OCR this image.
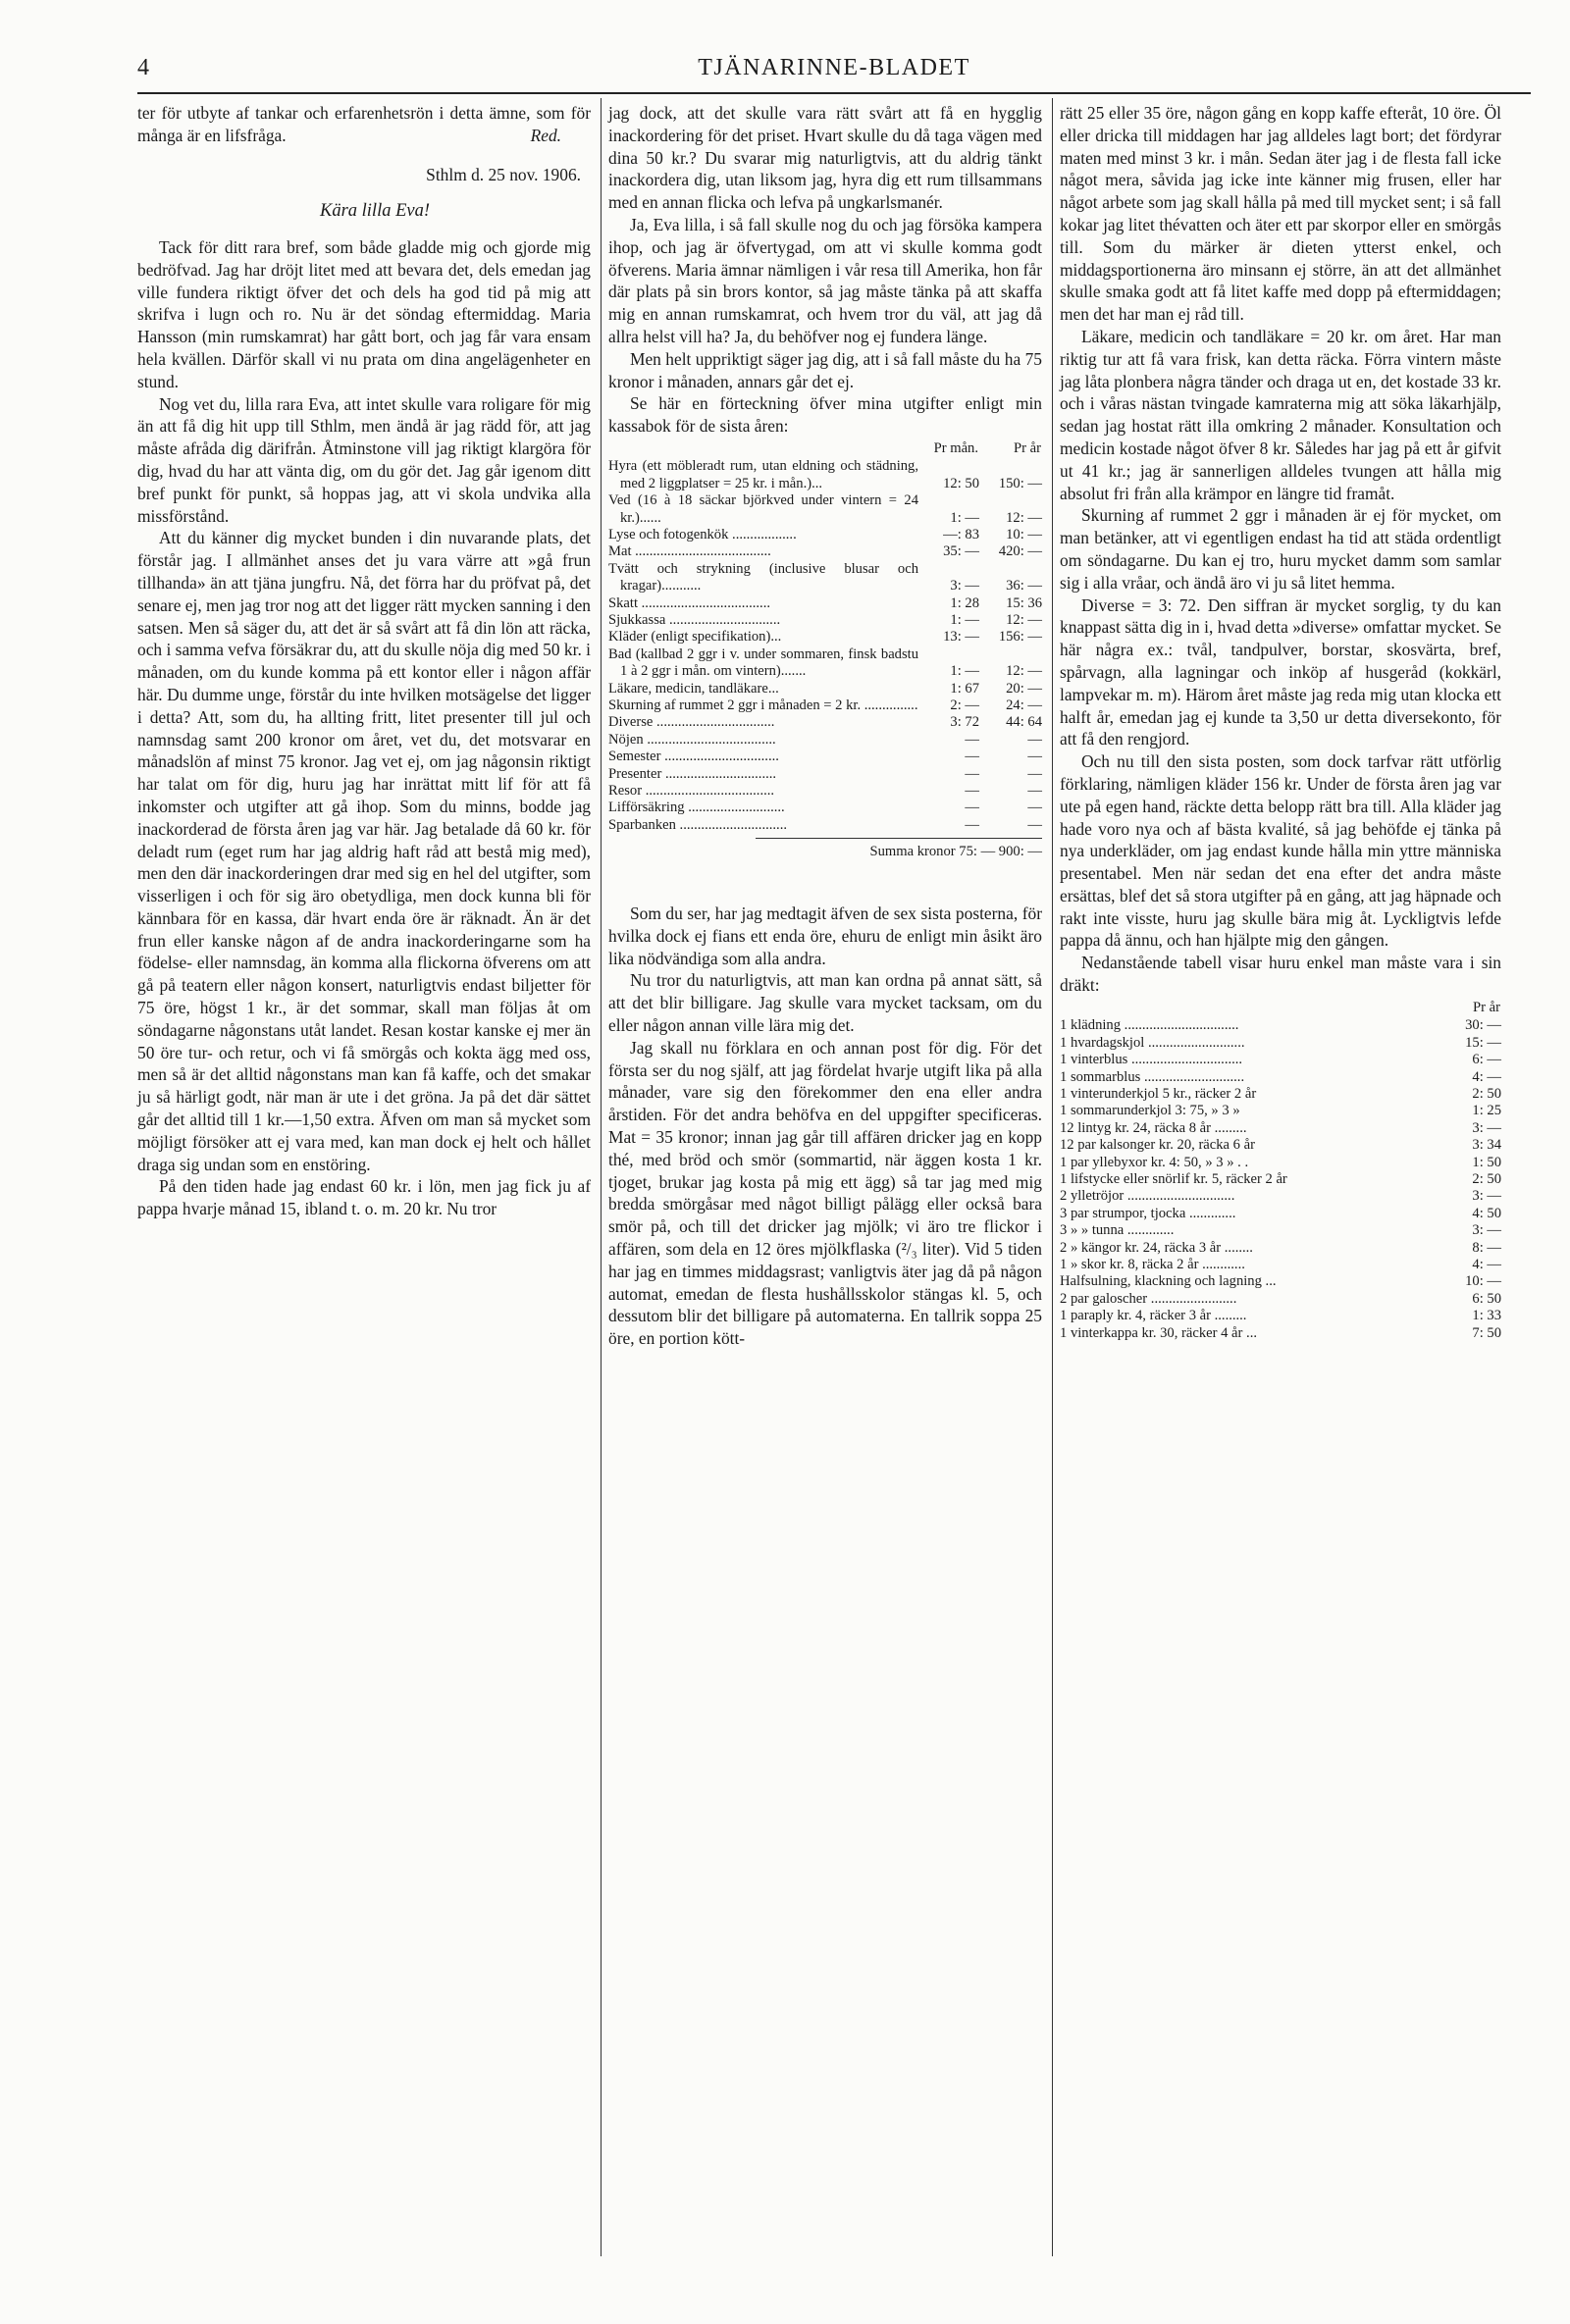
4	TJÄNARINNE-BLADET

ter för utbyte af tankar och erfarenhetsrön i detta ämne, som för många är en lifsfråga.	Red.

Sthlm d. 25 nov. 1906.

Kära lilla Eva!

Tack för ditt rara bref, som både gladde mig och gjorde mig bedröfvad. Jag har dröjt litet med att bevara det, dels emedan jag ville fundera riktigt öfver det och dels ha god tid på mig att skrifva i lugn och ro. Nu är det söndag eftermiddag. Maria Hansson (min rumskamrat) har gått bort, och jag får vara ensam hela kvällen. Därför skall vi nu prata om dina angelägenheter en stund.

Nog vet du, lilla rara Eva, att intet skulle vara roligare för mig än att få dig hit upp till Sthlm, men ändå är jag rädd för, att jag måste afråda dig därifrån. Åtminstone vill jag riktigt klargöra för dig, hvad du har att vänta dig, om du gör det. Jag går igenom ditt bref punkt för punkt, så hoppas jag, att vi skola undvika alla missförstånd.

Att du känner dig mycket bunden i din nuvarande plats, det förstår jag. I allmänhet anses det ju vara värre att »gå frun tillhanda» än att tjäna jungfru. Nå, det förra har du pröfvat på, det senare ej, men jag tror nog att det ligger rätt mycken sanning i den satsen. Men så säger du, att det är så svårt att få din lön att räcka, och i samma vefva försäkrar du, att du skulle nöja dig med 50 kr. i månaden, om du kunde komma på ett kontor eller i någon affär här. Du dumme unge, förstår du inte hvilken motsägelse det ligger i detta? Att, som du, ha allting fritt, litet presenter till jul och namnsdag samt 200 kronor om året, vet du, det motsvarar en månadslön af minst 75 kronor. Jag vet ej, om jag någonsin riktigt har talat om för dig, huru jag har inrättat mitt lif för att få inkomster och utgifter att gå ihop. Som du minns, bodde jag inackorderad de första åren jag var här. Jag betalade då 60 kr. för deladt rum (eget rum har jag aldrig haft råd att bestå mig med), men den där inackorderingen drar med sig en hel del utgifter, som visserligen i och för sig äro obetydliga, men dock kunna bli för kännbara för en kassa, där hvart enda öre är räknadt. Än är det frun eller kanske någon af de andra inackorderingarne som ha födelse- eller namnsdag, än komma alla flickorna öfverens om att gå på teatern eller någon konsert, naturligtvis endast biljetter för 75 öre, högst 1 kr., är det sommar, skall man följas åt om söndagarne någonstans utåt landet. Resan kostar kanske ej mer än 50 öre tur- och retur, och vi få smörgås och kokta ägg med oss, men så är det alltid någonstans man kan få kaffe, och det smakar ju så härligt godt, när man är ute i det gröna. Ja på det där sättet går det alltid till 1 kr.—1,50 extra. Äfven om man så mycket som möjligt försöker att ej vara med, kan man dock ej helt och hållet draga sig undan som en enstöring.

På den tiden hade jag endast 60 kr. i lön, men jag fick ju af pappa hvarje månad 15, ibland t. o. m. 20 kr. Nu tror

jag dock, att det skulle vara rätt svårt att få en hygglig inackordering för det priset. Hvart skulle du då taga vägen med dina 50 kr.? Du svarar mig naturligtvis, att du aldrig tänkt inackordera dig, utan liksom jag, hyra dig ett rum tillsammans med en annan flicka och lefva på ungkarlsmanér.

Ja, Eva lilla, i så fall skulle nog du och jag försöka kampera ihop, och jag är öfvertygad, om att vi skulle komma godt öfverens. Maria ämnar nämligen i vår resa till Amerika, hon får där plats på sin brors kontor, så jag måste tänka på att skaffa mig en annan rumskamrat, och hvem tror du väl, att jag då allra helst vill ha? Ja, du behöfver nog ej fundera länge.

Men helt uppriktigt säger jag dig, att i så fall måste du ha 75 kronor i månaden, annars går det ej.

Se här en förteckning öfver mina utgifter enligt min kassabok för de sista åren:

	Pr mån.	Pr år
Hyra (ett möbleradt rum, utan eldning och städning, med 2 liggplatser = 25 kr. i mån.)...	12: 50	150: —
Ved (16 à 18 säckar björkved under vintern = 24 kr.)......	1: —	12: —
Lyse och fotogenkök ..................	—: 83	10: —
Mat ......................................	35: —	420: —
Tvätt och strykning (inclusive blusar och kragar)...........	3: —	36: —
Skatt ....................................	1: 28	15: 36
Sjukkassa ...............................	1: —	12: —
Kläder (enligt specifikation)...	13: —	156: —
Bad (kallbad 2 ggr i v. under sommaren, finsk badstu 1 à 2 ggr i mån. om vintern).......	1: —	12: —
Läkare, medicin, tandläkare...	1: 67	20: —
Skurning af rummet 2 ggr i månaden = 2 kr. ...............	2: —	24: —
Diverse .................................	3: 72	44: 64
Nöjen ....................................	—	—
Semester ................................	—	—
Presenter ...............................	—	—
Resor ....................................	—	—
Lifförsäkring ...........................	—	—
Sparbanken ..............................	—	—
Summa kronor 75: — 900: —

Som du ser, har jag medtagit äfven de sex sista posterna, för hvilka dock ej fians ett enda öre, ehuru de enligt min åsikt äro lika nödvändiga som alla andra.

Nu tror du naturligtvis, att man kan ordna på annat sätt, så att det blir billigare. Jag skulle vara mycket tacksam, om du eller någon annan ville lära mig det.

Jag skall nu förklara en och annan post för dig. För det första ser du nog själf, att jag fördelat hvarje utgift lika på alla månader, vare sig den förekommer den ena eller andra årstiden. För det andra behöfva en del uppgifter specificeras. Mat = 35 kronor; innan jag går till affären dricker jag en kopp thé, med bröd och smör (sommartid, när äggen kosta 1 kr. tjoget, brukar jag kosta på mig ett ägg) så tar jag med mig bredda smörgåsar med något billigt pålägg eller också bara smör på, och till det dricker jag mjölk; vi äro tre flickor i affären, som dela en 12 öres mjölkflaska (²/₃ liter). Vid 5 tiden har jag en timmes middagsrast; vanligtvis äter jag då på någon automat, emedan de flesta hushållsskolor stängas kl. 5, och dessutom blir det billigare på automaterna. En tallrik soppa 25 öre, en portion kött-

rätt 25 eller 35 öre, någon gång en kopp kaffe efteråt, 10 öre. Öl eller dricka till middagen har jag alldeles lagt bort; det fördyrar maten med minst 3 kr. i mån. Sedan äter jag i de flesta fall icke något mera, såvida jag icke inte känner mig frusen, eller har något arbete som jag skall hålla på med till mycket sent; i så fall kokar jag litet thévatten och äter ett par skorpor eller en smörgås till. Som du märker är dieten ytterst enkel, och middagsportionerna äro minsann ej större, än att det allmänhet skulle smaka godt att få litet kaffe med dopp på eftermiddagen; men det har man ej råd till.

Läkare, medicin och tandläkare = 20 kr. om året. Har man riktig tur att få vara frisk, kan detta räcka. Förra vintern måste jag låta plonbera några tänder och draga ut en, det kostade 33 kr. och i våras nästan tvingade kamraterna mig att söka läkarhjälp, sedan jag hostat rätt illa omkring 2 månader. Konsultation och medicin kostade något öfver 8 kr. Således har jag på ett år gifvit ut 41 kr.; jag är sannerligen alldeles tvungen att hålla mig absolut fri från alla krämpor en längre tid framåt.

Skurning af rummet 2 ggr i månaden är ej för mycket, om man betänker, att vi egentligen endast ha tid att städa ordentligt om söndagarne. Du kan ej tro, huru mycket damm som samlar sig i alla vråar, och ändå äro vi ju så litet hemma.

Diverse = 3: 72. Den siffran är mycket sorglig, ty du kan knappast sätta dig in i, hvad detta »diverse» omfattar mycket. Se här några ex.: tvål, tandpulver, borstar, skosvärta, bref, spårvagn, alla lagningar och inköp af husgeråd (kokkärl, lampvekar m. m). Härom året måste jag reda mig utan klocka ett halft år, emedan jag ej kunde ta 3,50 ur detta diversekonto, för att få den rengjord.

Och nu till den sista posten, som dock tarfvar rätt utförlig förklaring, nämligen kläder 156 kr. Under de första åren jag var ute på egen hand, räckte detta belopp rätt bra till. Alla kläder jag hade voro nya och af bästa kvalité, så jag behöfde ej tänka på nya underkläder, om jag endast kunde hålla min yttre människa presentabel. Men när sedan det ena efter det andra måste ersättas, blef det så stora utgifter på en gång, att jag häpnade och rakt inte visste, huru jag skulle bära mig åt. Lyckligtvis lefde pappa då ännu, och han hjälpte mig den gången.

Nedanstående tabell visar huru enkel man måste vara i sin dräkt:

	Pr år
1 klädning ................................	30: —
1 hvardagskjol ...........................	15: —
1 vinterblus ...............................	6: —
1 sommarblus ............................	4: —
1 vinterunderkjol 5 kr., räcker 2 år	2: 50
1 sommarunderkjol 3: 75, » 3 »	1: 25
12 lintyg kr. 24, räcka 8 år .........	3: —
12 par kalsonger kr. 20, räcka 6 år	3: 34
1 par yllebyxor kr. 4: 50, » 3 » . .	1: 50
1 lifstycke eller snörlif kr. 5, räcker 2 år	2: 50
2 ylletröjor ..............................	3: —
3 par strumpor, tjocka .............	4: 50
3 » » tunna .............	3: —
2 » kängor kr. 24, räcka 3 år ........	8: —
1 » skor kr. 8, räcka 2 år ............	4: —
Halfsulning, klackning och lagning ...	10: —
2 par galoscher ........................	6: 50
1 paraply kr. 4, räcker 3 år .........	1: 33
1 vinterkappa kr. 30, räcker 4 år ...	7: 50
